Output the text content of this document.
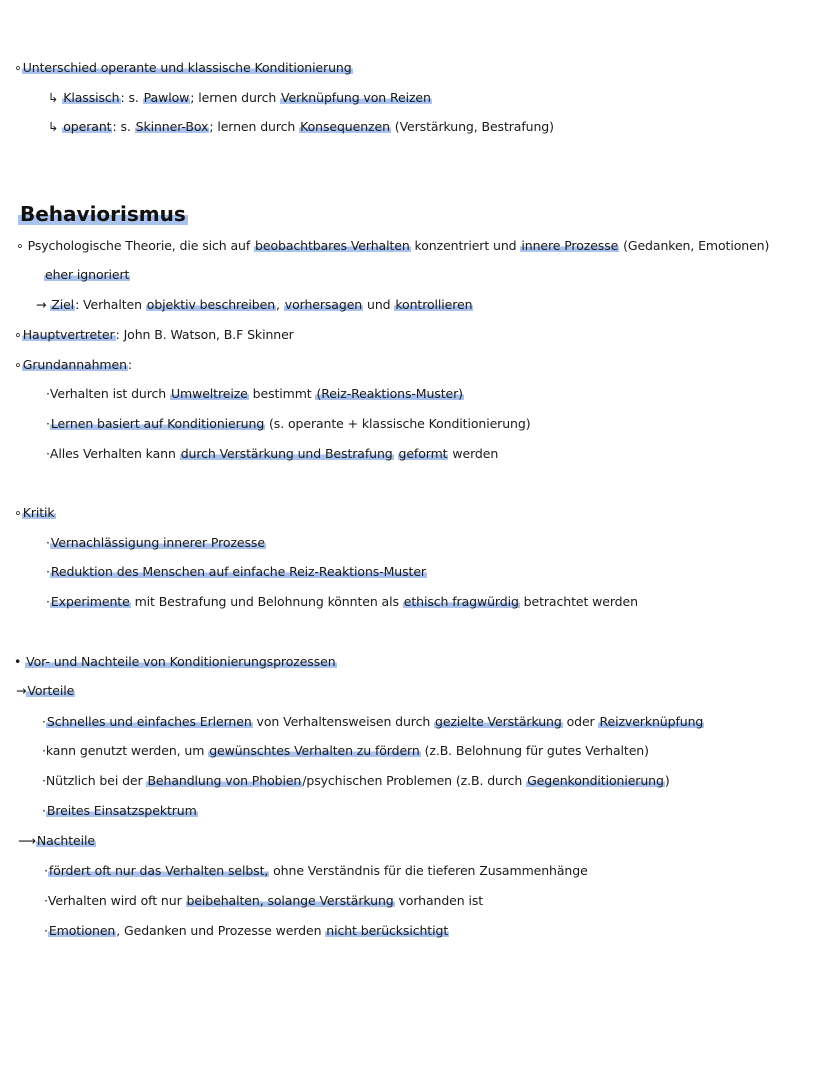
∘Unterschied operante und klassische Konditionierung
↳ Klassisch: s. Pawlow; lernen durch Verknüpfung von Reizen
↳ operant: s. Skinner-Box; lernen durch Konsequenzen (Verstärkung, Bestrafung)
Behaviorismus
∘ Psychologische Theorie, die sich auf beobachtbares Verhalten konzentriert und innere Prozesse (Gedanken, Emotionen)
eher ignoriert
→ Ziel: Verhalten objektiv beschreiben, vorhersagen und kontrollieren
∘Hauptvertreter: John B. Watson, B.F Skinner
∘Grundannahmen:
·Verhalten ist durch Umweltreize bestimmt (Reiz-Reaktions-Muster)
·Lernen basiert auf Konditionierung (s. operante + klassische Konditionierung)
·Alles Verhalten kann durch Verstärkung und Bestrafung geformt werden
∘Kritik
·Vernachlässigung innerer Prozesse
·Reduktion des Menschen auf einfache Reiz-Reaktions-Muster
·Experimente mit Bestrafung und Belohnung könnten als ethisch fragwürdig betrachtet werden
• Vor- und Nachteile von Konditionierungsprozessen
→Vorteile
·Schnelles und einfaches Erlernen von Verhaltensweisen durch gezielte Verstärkung oder Reizverknüpfung
·kann genutzt werden, um gewünschtes Verhalten zu fördern (z.B. Belohnung für gutes Verhalten)
·Nützlich bei der Behandlung von Phobien/psychischen Problemen (z.B. durch Gegenkonditionierung)
·Breites Einsatzspektrum
⟶Nachteile
·fördert oft nur das Verhalten selbst, ohne Verständnis für die tieferen Zusammenhänge
·Verhalten wird oft nur beibehalten, solange Verstärkung vorhanden ist
·Emotionen, Gedanken und Prozesse werden nicht berücksichtigt
